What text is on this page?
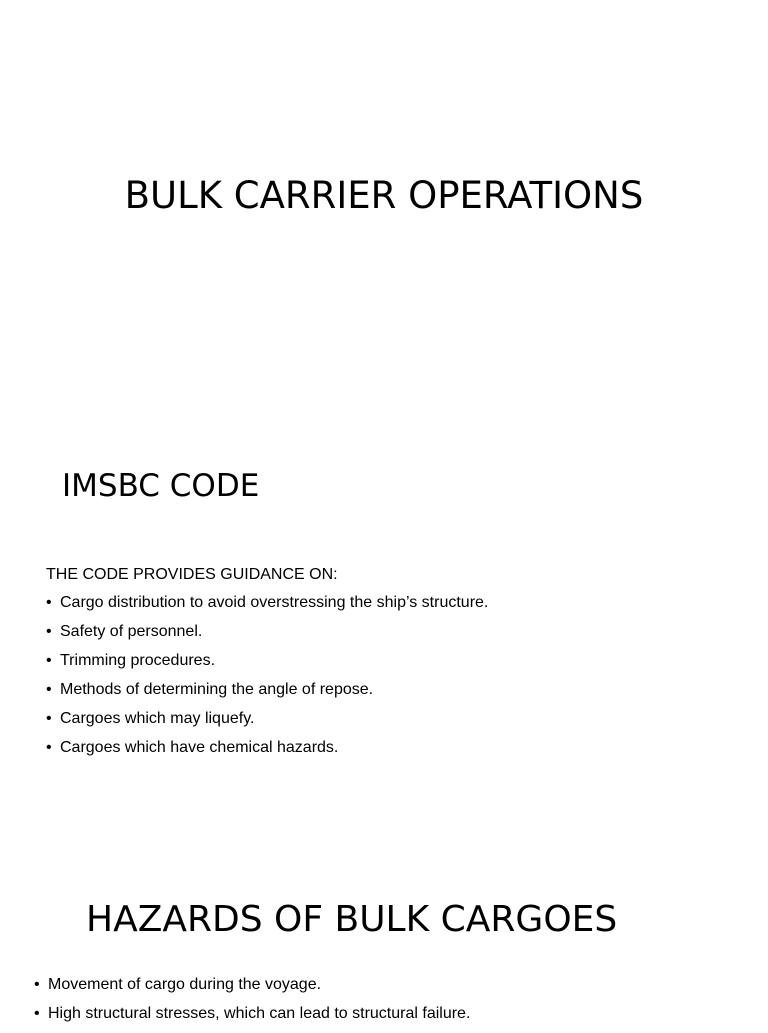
BULK CARRIER OPERATIONS
IMSBC CODE
THE CODE PROVIDES GUIDANCE ON:
• Cargo distribution to avoid overstressing the ship’s structure.
• Safety of personnel.
• Trimming procedures.
• Methods of determining the angle of repose.
• Cargoes which may liquefy.
• Cargoes which have chemical hazards.
HAZARDS OF BULK CARGOES
• Movement of cargo during the voyage.
• High structural stresses, which can lead to structural failure.
